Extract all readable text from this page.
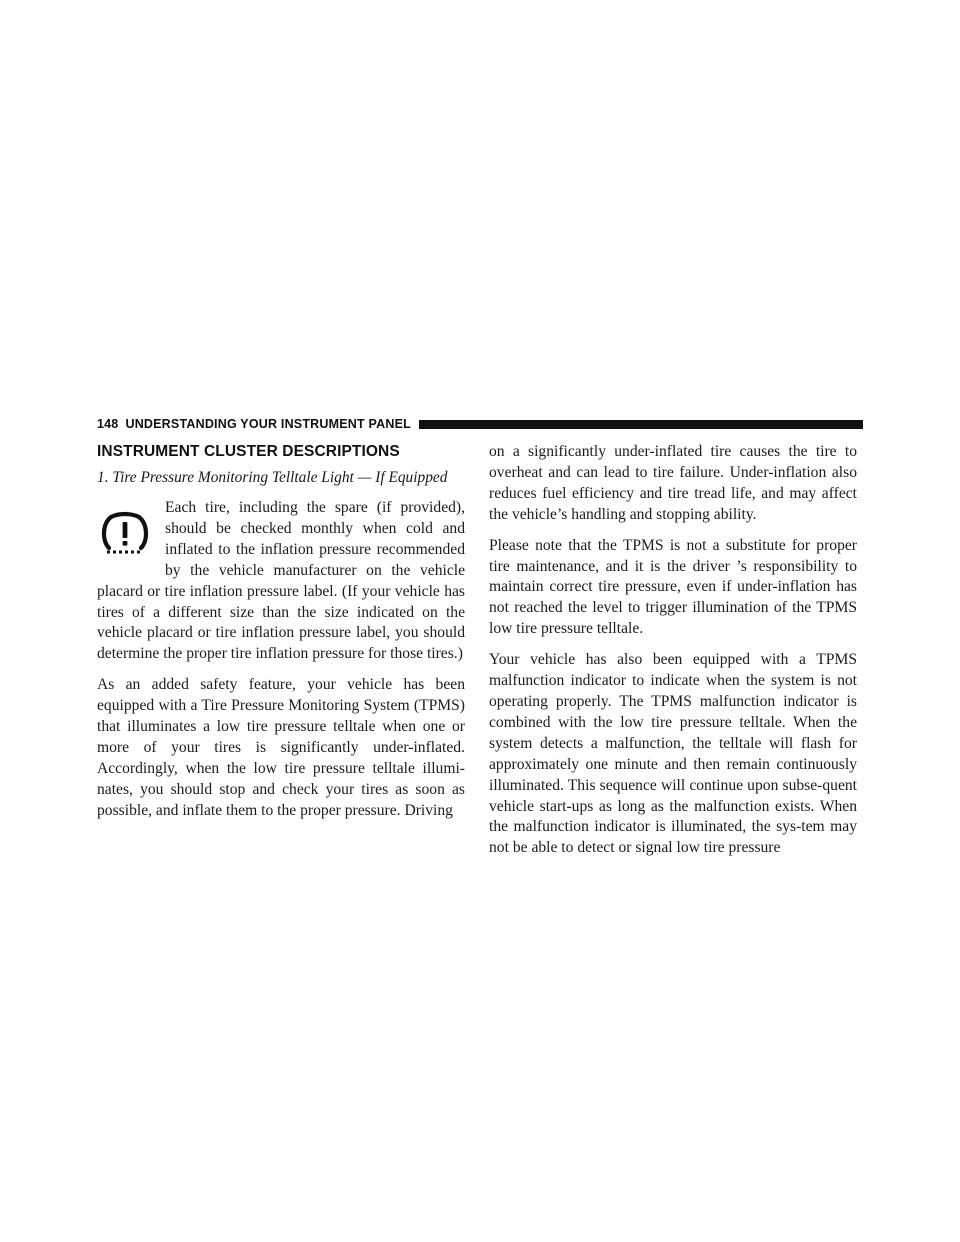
148 UNDERSTANDING YOUR INSTRUMENT PANEL
INSTRUMENT CLUSTER DESCRIPTIONS
1. Tire Pressure Monitoring Telltale Light — If Equipped

Each tire, including the spare (if provided), should be checked monthly when cold and inflated to the inflation pressure recommended by the vehicle manufacturer on the vehicle placard or tire inflation pressure label. (If your vehicle has tires of a different size than the size indicated on the vehicle placard or tire inflation pressure label, you should determine the proper tire inflation pressure for those tires.)

As an added safety feature, your vehicle has been equipped with a Tire Pressure Monitoring System (TPMS) that illuminates a low tire pressure telltale when one or more of your tires is significantly under-inflated. Accordingly, when the low tire pressure telltale illumi-nates, you should stop and check your tires as soon as possible, and inflate them to the proper pressure. Driving

on a significantly under-inflated tire causes the tire to overheat and can lead to tire failure. Under-inflation also reduces fuel efficiency and tire tread life, and may affect the vehicle’s handling and stopping ability.

Please note that the TPMS is not a substitute for proper tire maintenance, and it is the driver ’s responsibility to maintain correct tire pressure, even if under-inflation has not reached the level to trigger illumination of the TPMS low tire pressure telltale.

Your vehicle has also been equipped with a TPMS malfunction indicator to indicate when the system is not operating properly. The TPMS malfunction indicator is combined with the low tire pressure telltale. When the system detects a malfunction, the telltale will flash for approximately one minute and then remain continuously illuminated. This sequence will continue upon subse-quent vehicle start-ups as long as the malfunction exists. When the malfunction indicator is illuminated, the sys-tem may not be able to detect or signal low tire pressure
